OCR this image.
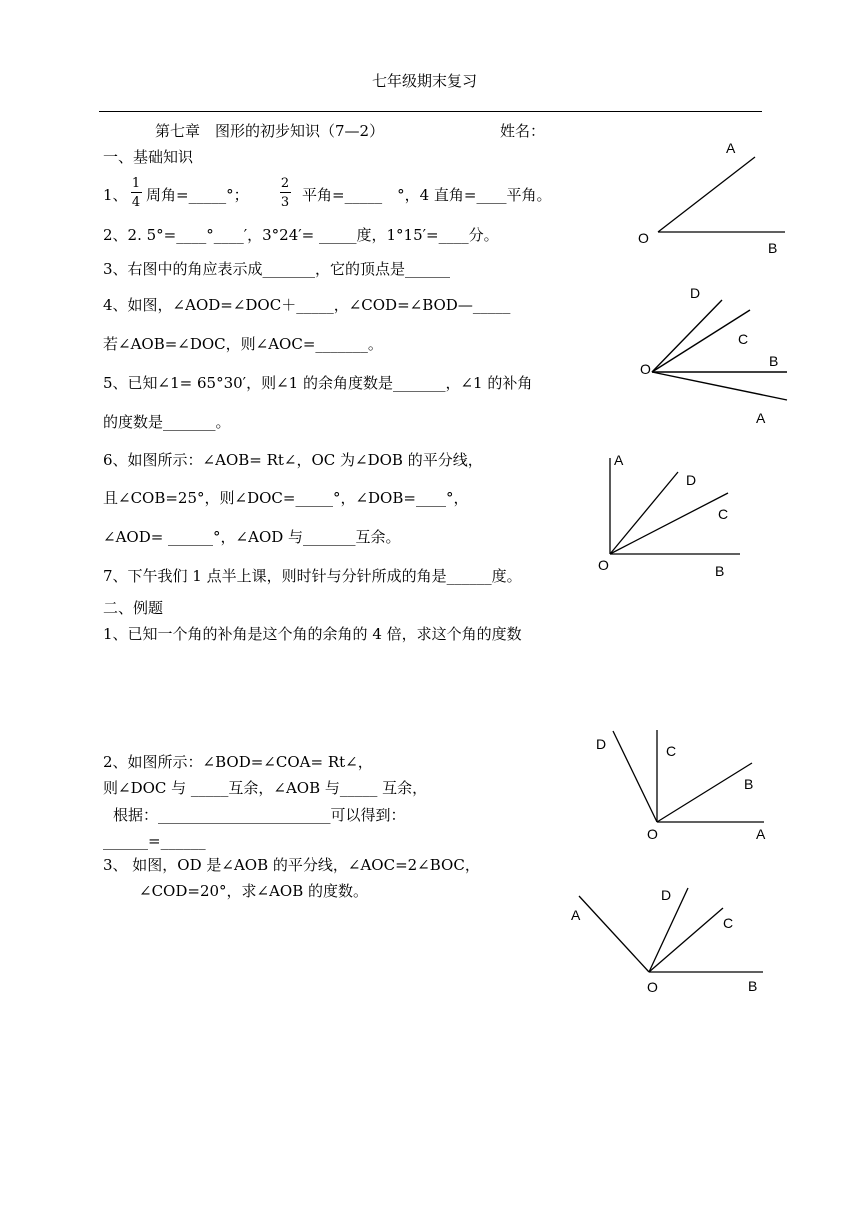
七年级期末复习
第七章　图形的初步知识（7—2）	姓名：
一、基础知识
1、
1
4 周角=_____°；
2
3 平角=_____　°，4 直角=____平角。
2、2. 5°=____°____′，3°24′= _____度，1°15′=____分。
3、右图中的角应表示成_______，它的顶点是______
4、如图，∠AOD=∠DOC＋_____，∠COD=∠BOD—_____
若∠AOB=∠DOC，则∠AOC=_______。
5、已知∠1= 65°30′，则∠1 的余角度数是_______，∠1 的补角
的度数是_______。
6、如图所示：∠AOB= Rt∠，OC 为∠DOB 的平分线，
且∠COB=25°，则∠DOC=_____°，∠DOB=____°，
∠AOD= ______°，∠AOD 与_______互余。
7、下午我们 1 点半上课，则时针与分针所成的角是______度。
二、例题
1、已知一个角的补角是这个角的余角的 4 倍，求这个角的度数
2、如图所示：∠BOD=∠COA= Rt∠，
则∠DOC 与 _____互余，∠AOB 与_____ 互余，
根据：_______________________可以得到：
______=______
3、 如图，OD 是∠AOB 的平分线，∠AOC=2∠BOC，
∠COD=20°，求∠AOB 的度数。
A
O
B
D
C
B
A
O
A
D
C
O	B
D	C
B
O	A
D
C
A
O	B
